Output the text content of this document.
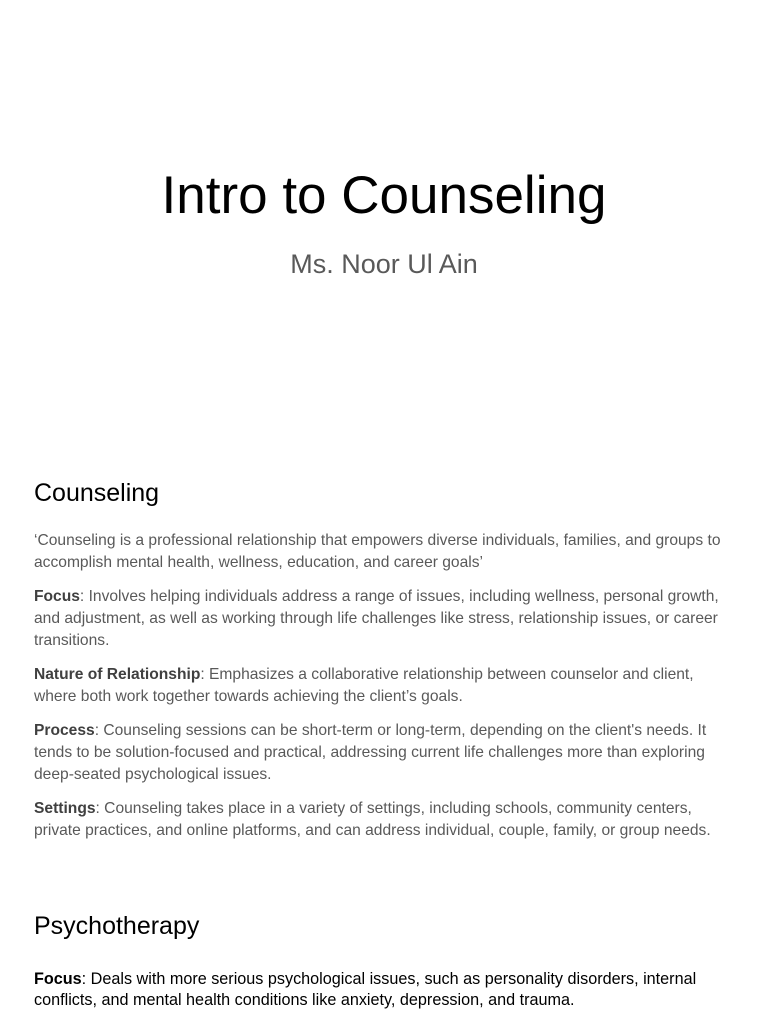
Intro to Counseling
Ms. Noor Ul Ain
Counseling

‘Counseling is a professional relationship that empowers diverse individuals, families, and groups to accomplish mental health, wellness, education, and career goals’

Focus: Involves helping individuals address a range of issues, including wellness, personal growth, and adjustment, as well as working through life challenges like stress, relationship issues, or career transitions.

Nature of Relationship: Emphasizes a collaborative relationship between counselor and client, where both work together towards achieving the client’s goals.

Process: Counseling sessions can be short-term or long-term, depending on the client's needs. It tends to be solution-focused and practical, addressing current life challenges more than exploring deep-seated psychological issues.

Settings: Counseling takes place in a variety of settings, including schools, community centers, private practices, and online platforms, and can address individual, couple, family, or group needs.

Psychotherapy

Focus: Deals with more serious psychological issues, such as personality disorders, internal conflicts, and mental health conditions like anxiety, depression, and trauma.
